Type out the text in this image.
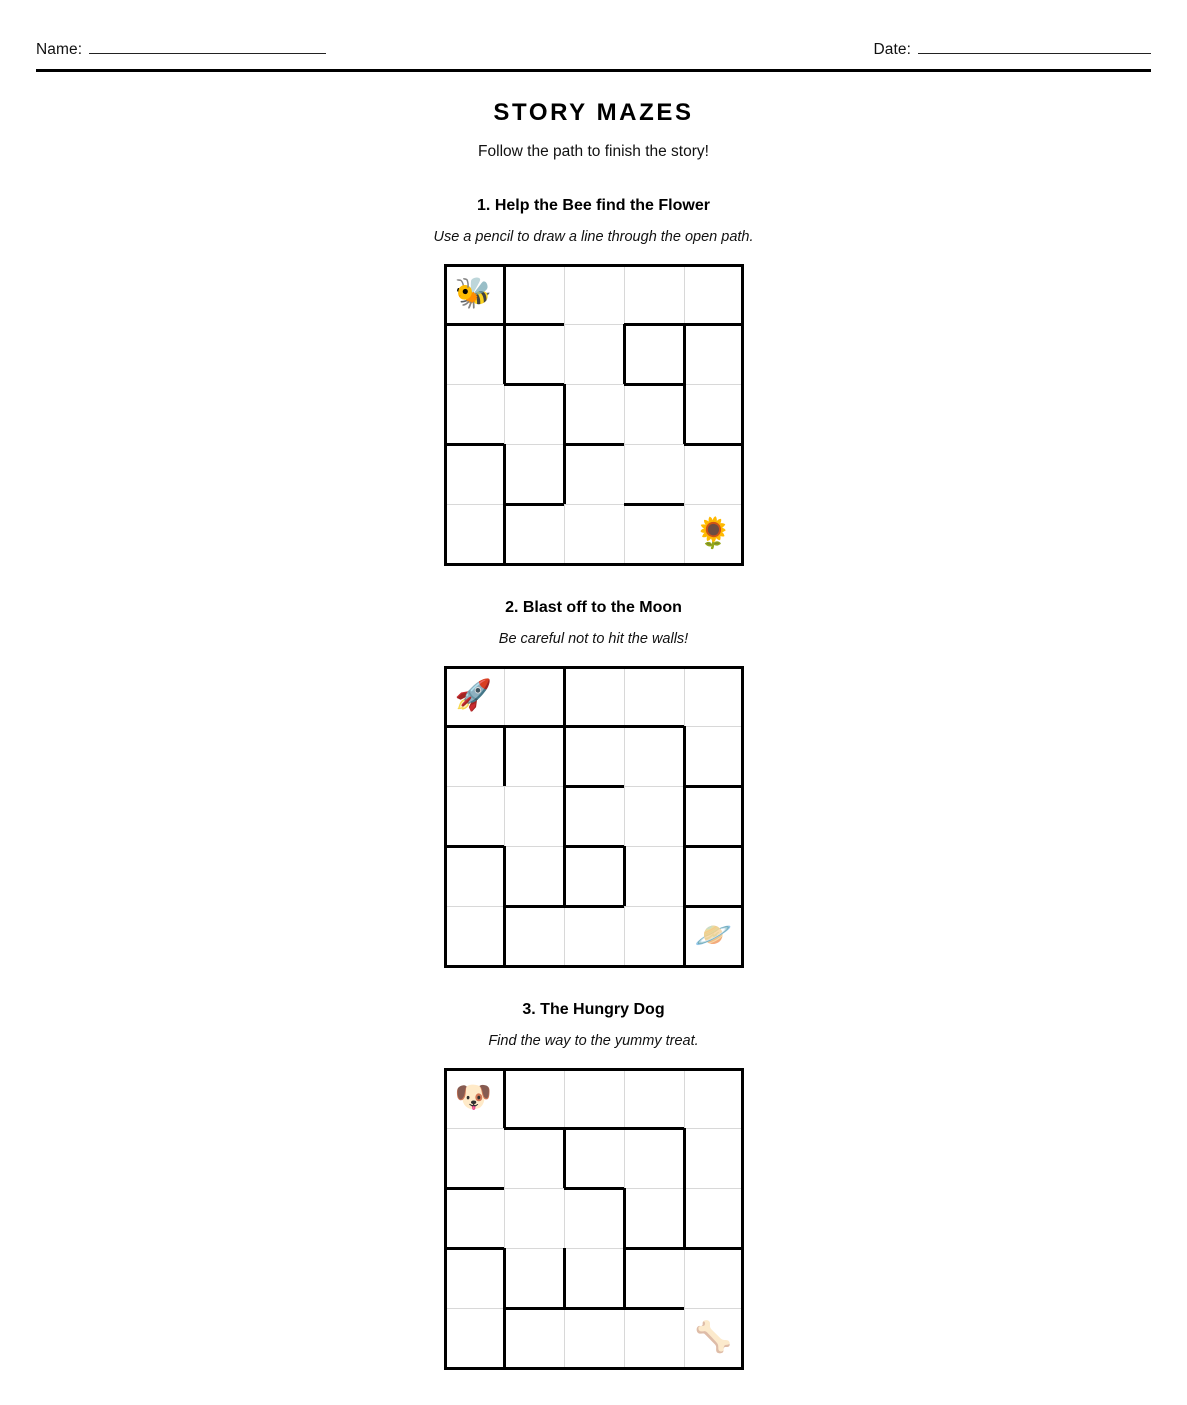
Name:	Date:
STORY MAZES
Follow the path to finish the story!
1. Help the Bee find the Flower
Use a pencil to draw a line through the open path.
🐝
🌻
2. Blast off to the Moon
Be careful not to hit the walls!
🚀
🪐
3. The Hungry Dog
Find the way to the yummy treat.
🐶
🦴
